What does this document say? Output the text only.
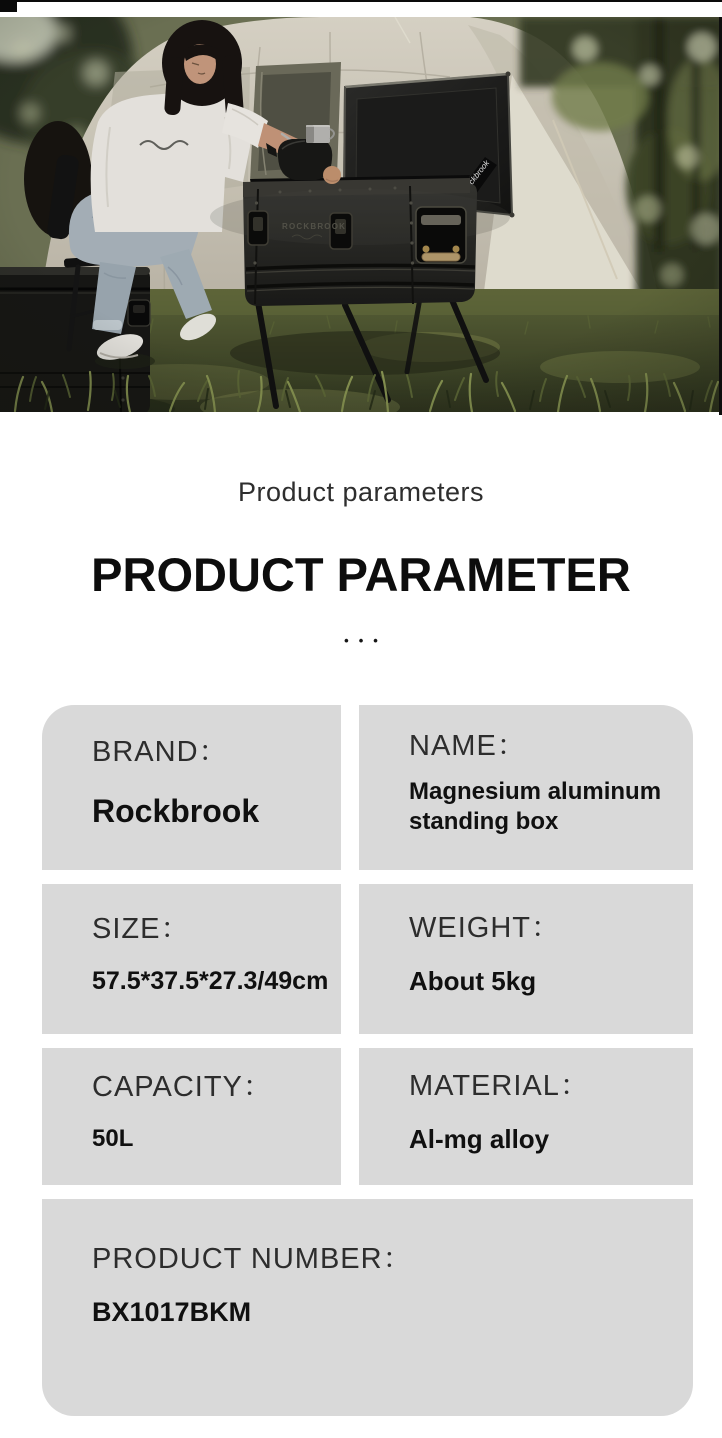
Product parameters
PRODUCT PARAMETER
•••
BRAND：
Rockbrook
NAME：
Magnesium aluminum standing box
SIZE：
57.5*37.5*27.3/49cm
WEIGHT：
About 5kg
CAPACITY：
50L
MATERIAL：
Al-mg alloy
PRODUCT NUMBER：
BX1017BKM
